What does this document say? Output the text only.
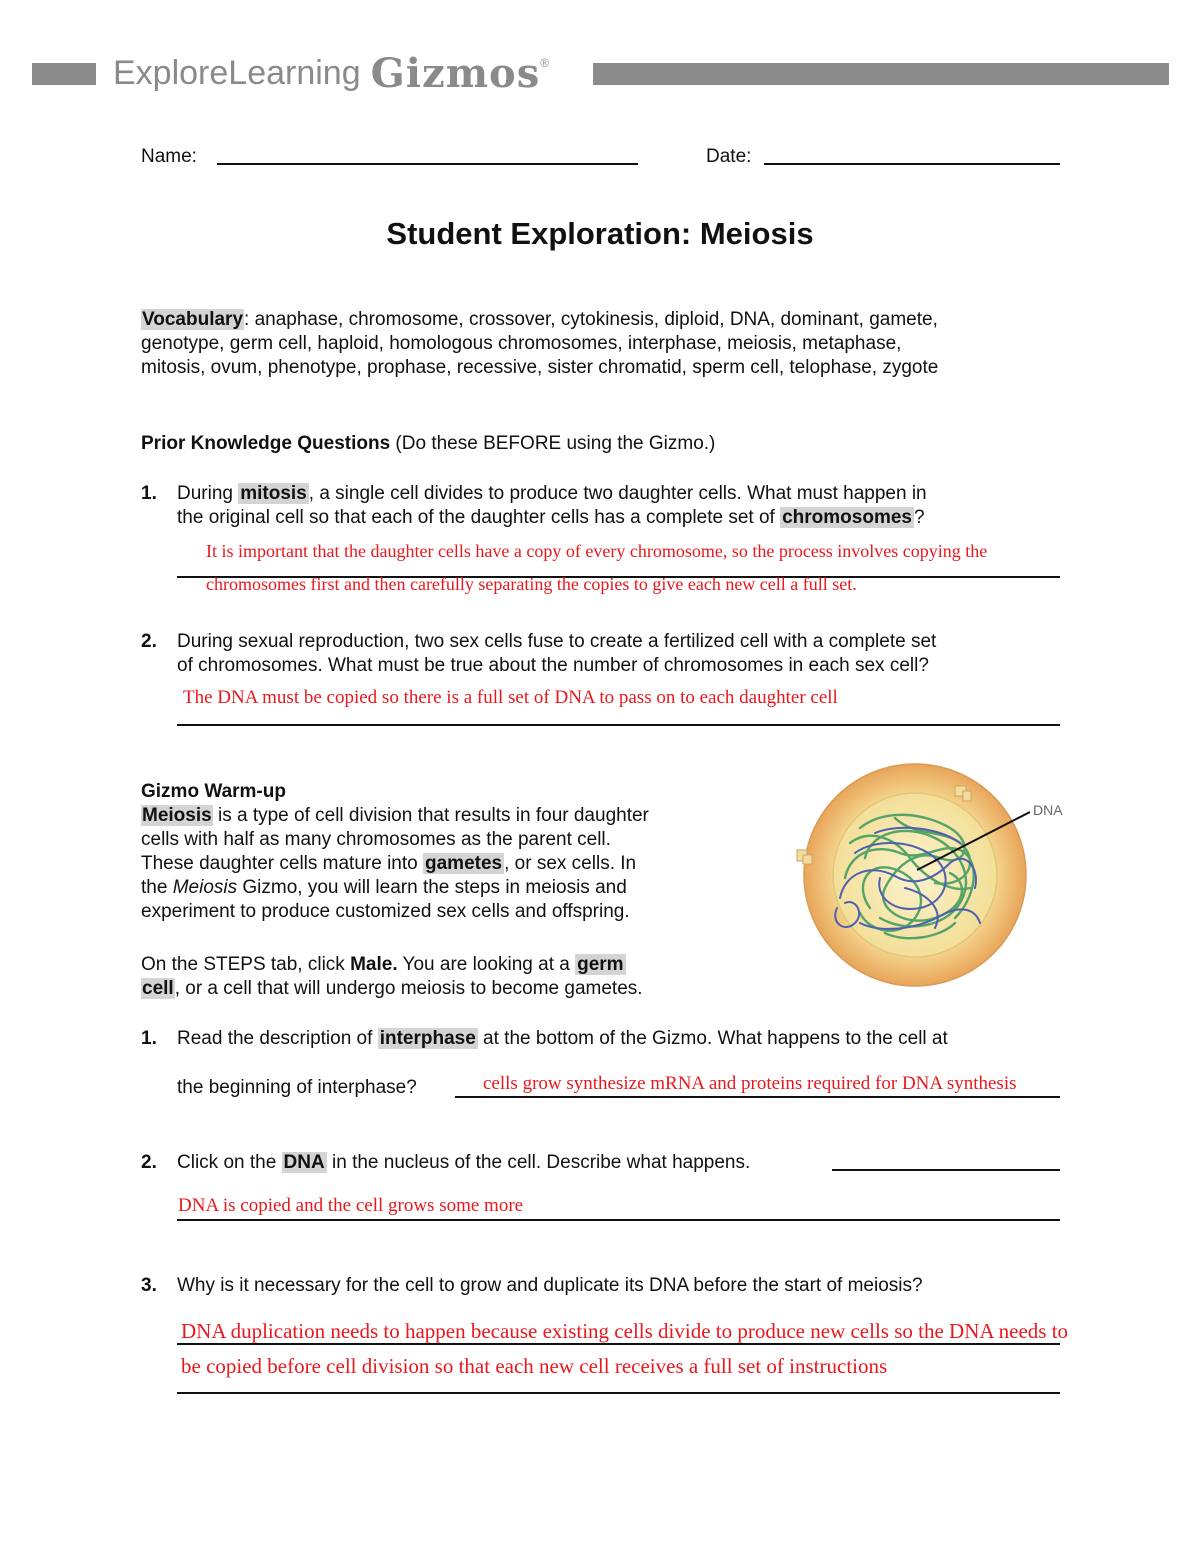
ExploreLearning Gizmos®
Name:	Date:
Student Exploration: Meiosis
Vocabulary: anaphase, chromosome, crossover, cytokinesis, diploid, DNA, dominant, gamete,
genotype, germ cell, haploid, homologous chromosomes, interphase, meiosis, metaphase,
mitosis, ovum, phenotype, prophase, recessive, sister chromatid, sperm cell, telophase, zygote
Prior Knowledge Questions (Do these BEFORE using the Gizmo.)
1. During mitosis , a single cell divides to produce two daughter cells. What must happen in
the original cell so that each of the daughter cells has a complete set of chromosomes ?
It is important that the daughter cells have a copy of every chromosome, so the process involves copying the
chromosomes first and then carefully separating the copies to give each new cell a full set.
2. During sexual reproduction, two sex cells fuse to create a fertilized cell with a complete set
of chromosomes. What must be true about the number of chromosomes in each sex cell?
The DNA must be copied so there is a full set of DNA to pass on to each daughter cell
Gizmo Warm-up
Meiosis is a type of cell division that results in four daughter
cells with half as many chromosomes as the parent cell.
These daughter cells mature into gametes , or sex cells. In
the Meiosis Gizmo, you will learn the steps in meiosis and
experiment to produce customized sex cells and offspring.
On the STEPS tab, click Male. You are looking at a germ
cell, or a cell that will undergo meiosis to become gametes.
DNA
1. Read the description of interphase at the bottom of the Gizmo. What happens to the cell at
the beginning of interphase?	cells grow synthesize mRNA and proteins required for DNA synthesis
2. Click on the DNA in the nucleus of the cell. Describe what happens.
DNA is copied and the cell grows some more
3. Why is it necessary for the cell to grow and duplicate its DNA before the start of meiosis?
DNA duplication needs to happen because existing cells divide to produce new cells so the DNA needs to
be copied before cell division so that each new cell receives a full set of instructions
